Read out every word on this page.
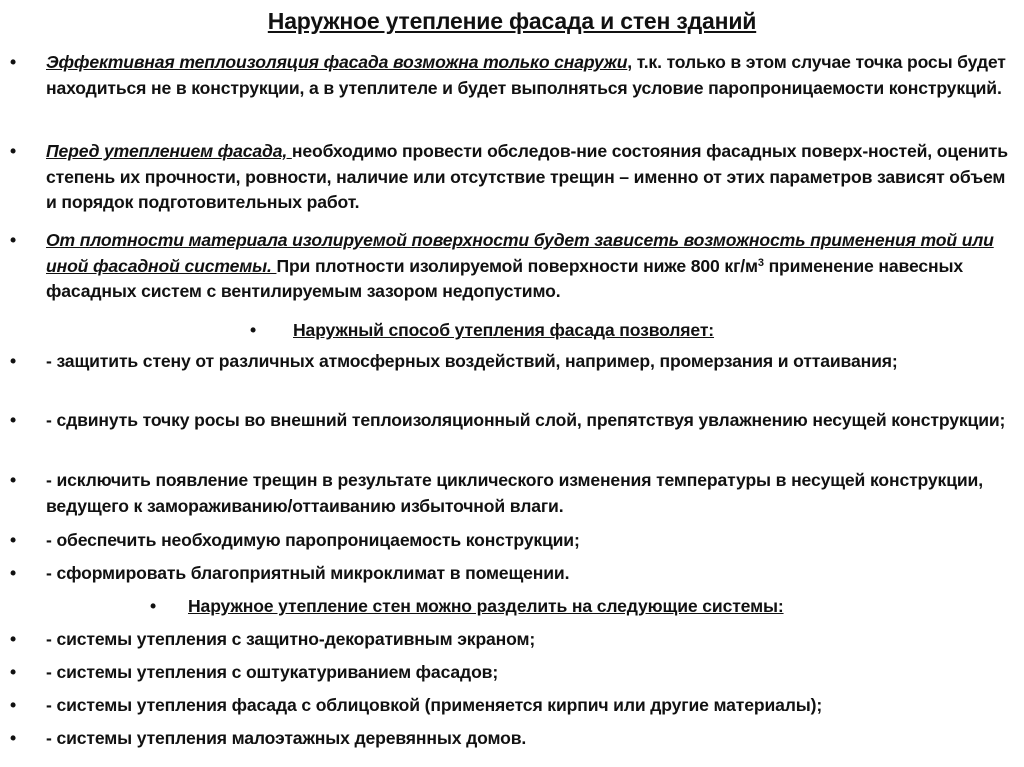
Наружное утепление фасада и стен зданий
• Эффективная теплоизоляция фасада возможна только снаружи, т.к. только в этом случае точка росы будет находиться не в конструкции, а в утеплителе и будет выполняться условие паропроницаемости конструкций.
• Перед утеплением фасада, необходимо провести обследов-ние состояния фасадных поверх-ностей, оценить степень их прочности, ровности, наличие или отсутствие трещин – именно от этих параметров зависят объем и порядок подготовительных работ.
• От плотности материала изолируемой поверхности будет зависеть возможность применения той или иной фасадной системы. При плотности изолируемой поверхности ниже 800 $кг/м^3$ применение навесных фасадных систем с вентилируемым зазором недопустимо.
• Наружный способ утепления фасада позволяет:
• - защитить стену от различных атмосферных воздействий, например, промерзания и оттаивания;
• - сдвинуть точку росы во внешний теплоизоляционный слой, препятствуя увлажнению несущей конструкции;
• - исключить появление трещин в результате циклического изменения температуры в несущей конструкции, ведущего к замораживанию/оттаиванию избыточной влаги.
• - обеспечить необходимую паропроницаемость конструкции;
• - сформировать благоприятный микроклимат в помещении.
• Наружное утепление стен можно разделить на следующие системы:
• - системы утепления с защитно-декоративным экраном;
• - системы утепления с оштукатуриванием фасадов;
• - системы утепления фасада с облицовкой (применяется кирпич или другие материалы);
• - системы утепления малоэтажных деревянных домов.
